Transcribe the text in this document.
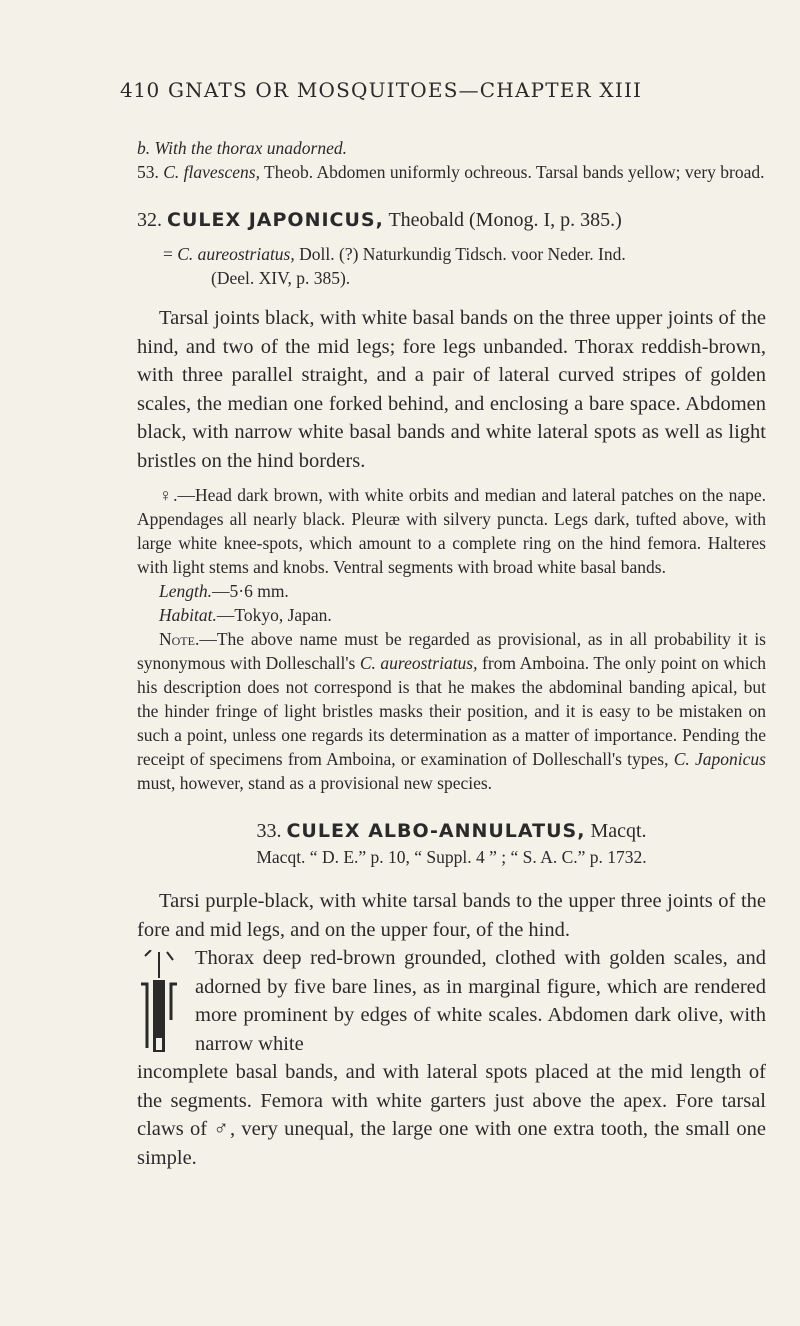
410 GNATS OR MOSQUITOES—CHAPTER XIII

b. With the thorax unadorned.

53. C. flavescens, Theob. Abdomen uniformly ochreous. Tarsal bands yellow; very broad.

32. CULEX JAPONICUS, Theobald (Monog. I, p. 385.)

= C. aureostriatus, Doll. (?) Naturkundig Tidsch. voor Neder. Ind.

(Deel. XIV, p. 385).

Tarsal joints black, with white basal bands on the three upper joints of the hind, and two of the mid legs; fore legs unbanded. Thorax reddish-brown, with three parallel straight, and a pair of lateral curved stripes of golden scales, the median one forked behind, and enclosing a bare space. Abdomen black, with narrow white basal bands and white lateral spots as well as light bristles on the hind borders.

♀.—Head dark brown, with white orbits and median and lateral patches on the nape. Appendages all nearly black. Pleuræ with silvery puncta. Legs dark, tufted above, with large white knee-spots, which amount to a complete ring on the hind femora. Halteres with light stems and knobs. Ventral segments with broad white basal bands.

Length.—5·6 mm.

Habitat.—Tokyo, Japan.

Note.—The above name must be regarded as provisional, as in all probability it is synonymous with Dolleschall's C. aureostriatus, from Amboina. The only point on which his description does not correspond is that he makes the abdominal banding apical, but the hinder fringe of light bristles masks their position, and it is easy to be mistaken on such a point, unless one regards its determination as a matter of importance. Pending the receipt of specimens from Amboina, or examination of Dolleschall's types, C. Japonicus must, however, stand as a provisional new species.

33. CULEX ALBO-ANNULATUS, Macqt.

Macqt. “ D. E.” p. 10, “ Suppl. 4 ” ; “ S. A. C.” p. 1732.

Tarsi purple-black, with white tarsal bands to the upper three joints of the fore and mid legs, and on the upper four, of the hind.

Thorax deep red-brown grounded, clothed with golden scales, and adorned by five bare lines, as in marginal figure, which are rendered more prominent by edges of white scales. Abdomen dark olive, with narrow white

incomplete basal bands, and with lateral spots placed at the mid length of the segments. Femora with white garters just above the apex. Fore tarsal claws of ♂, very unequal, the large one with one extra tooth, the small one simple.
